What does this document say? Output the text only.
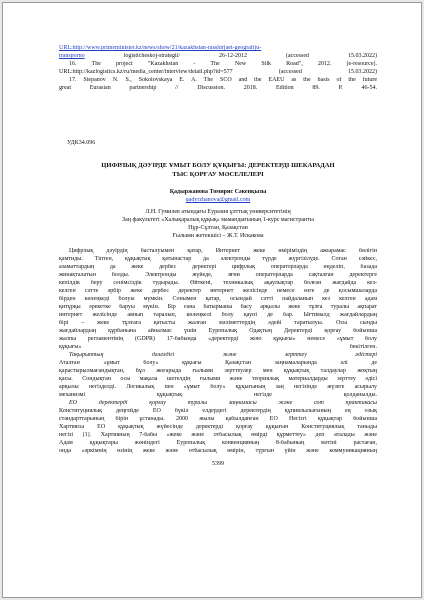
URL:http://www.primeminister.kz/news/show/21/kazakhstan-rasshirjaet-geografiju-
transporno logisticheskoj-strategii/ 26-12-2012 (accessed 15.03.2022)
16. The project "Kazakhstan - The New Silk Road", 2012. [e-resource].
URL:http://kazlogistics.kz/ru/media_center/interview/detail.php?id=577 (accessed 15.03.2022)
17. Stepanov N. S., Sokolovskaya E. A. The SCO and the EAEU as the basis of the future
great Eurasian partnership // Discussion. 2018. Edition 89. P. 46-54.
УДК34.096
ЦИФРЛЫҚ ДӘУІРДЕ ҰМЫТ БОЛУ ҚҰҚЫҒЫ: ДЕРЕКТЕРДІ ШЕКАРАДАН
ТЫС ҚОРҒАУ МӘСЕЛЕЛЕРІ
Қадыржанова Томирис Сәкенқызы
qadyrzhanova@gmail.com
Л.Н. Гумилев атындағы Еуразия ұлттық университетінің
Заң факультеті «Халықаралық құқық» мамандығының 1-курс магистранты
Нұр-Сұлтан, Қазақстан
Ғылыми жетекшісі – Ж.Т. Искакова
Цифрлық дәуірдің басталуымен қатар, Интернет жеке өміріміздің ажырамас бөлігін
қамтиды. Тіптен, құқықтық қатынастар да электронды түрде жүргізілуде. Соған сәйкес,
азаматтардың да жеке дербес деректері цифрлық операторларда өңделіп, базада
жинақталатын болды. Электронды жүйеде, яғни операторларда сақталған деректерге
кепілдік беру сенімсіздік тудырады. Өйткені, техникалық ақаулықтар болған жағдайда кез-
келген сәтте әрбір жеке дербес деректер интернет желісінде немесе өзге де қосымшаларда
бірден көлеңкеді болуы мүмкін. Сонымен қатар, осындай сәтті пайдаланып кез келген адам
қитұрқы әрекетке баруы мүкін. Бір ғана батырманы басу арқылы жеке тұлға туралы ақпарат
интернет желісінде аянып таралып, көлеңкелі болу қаупі де бар. Ығтималд жағдайлардың
бірі – жеке тұлғаға қатысты жалған мәліметтердің әдейі таратылуы. Осы сынды
жағдайлардың құрбанына айналмас үшін Еуропалық Одақтың Деректерді қорғау бойынша
жалпы регламентінің (GDPR) 17-бабында «деректерді жою құқығы» немесе «ұмыт болу
құқығы» бекітілген.
Тақырыптың дәлелдігі және зерттеу әдістері
Аталған «ұмыт болу» құқығы Қазақстан заңнамаларында әлі де
қарастырылмағандықтан, бұл жоғарыда ғылыми зерттеулер мен құқықтық талдаулар жоқтың
қасы. Сондықтан осы мақала шетелдің ғылыми және теориялық материалдарды зерттеу әдісі
арқылы негізделді. Логикалық пен «ұмыт болу» құқығының заң негізінде жүзеге асырылу
механизмі құқықтық негізде қолданылды.
ЕО деректерді қорғау туралы заңнамасы және сот практикасы
Конституциялық деңгейде ЕО бүкіл елдердегі деректердің құпиялылығының ең озық
стандарттарының бірін ұстанады. 2000 жылы қабылданған ЕО Негізгі құқықтар бойынша
Хартиясы ЕО құқықтық жүйесінде деректерді қорғау құқығын Конституциялық таныды
негізі [1]. Хартияның 7-бабы «жеке және отбасылық өмірді құрметтеу» деп аталады және
Адам құқықтары жөніндегі Еуропалық конвенцияның 8-бабының мәтіні растаған,
онда «әркімнің өзінің жеке және отбасылық өмірін, түрғын үйін және коммуникацияның
5399
